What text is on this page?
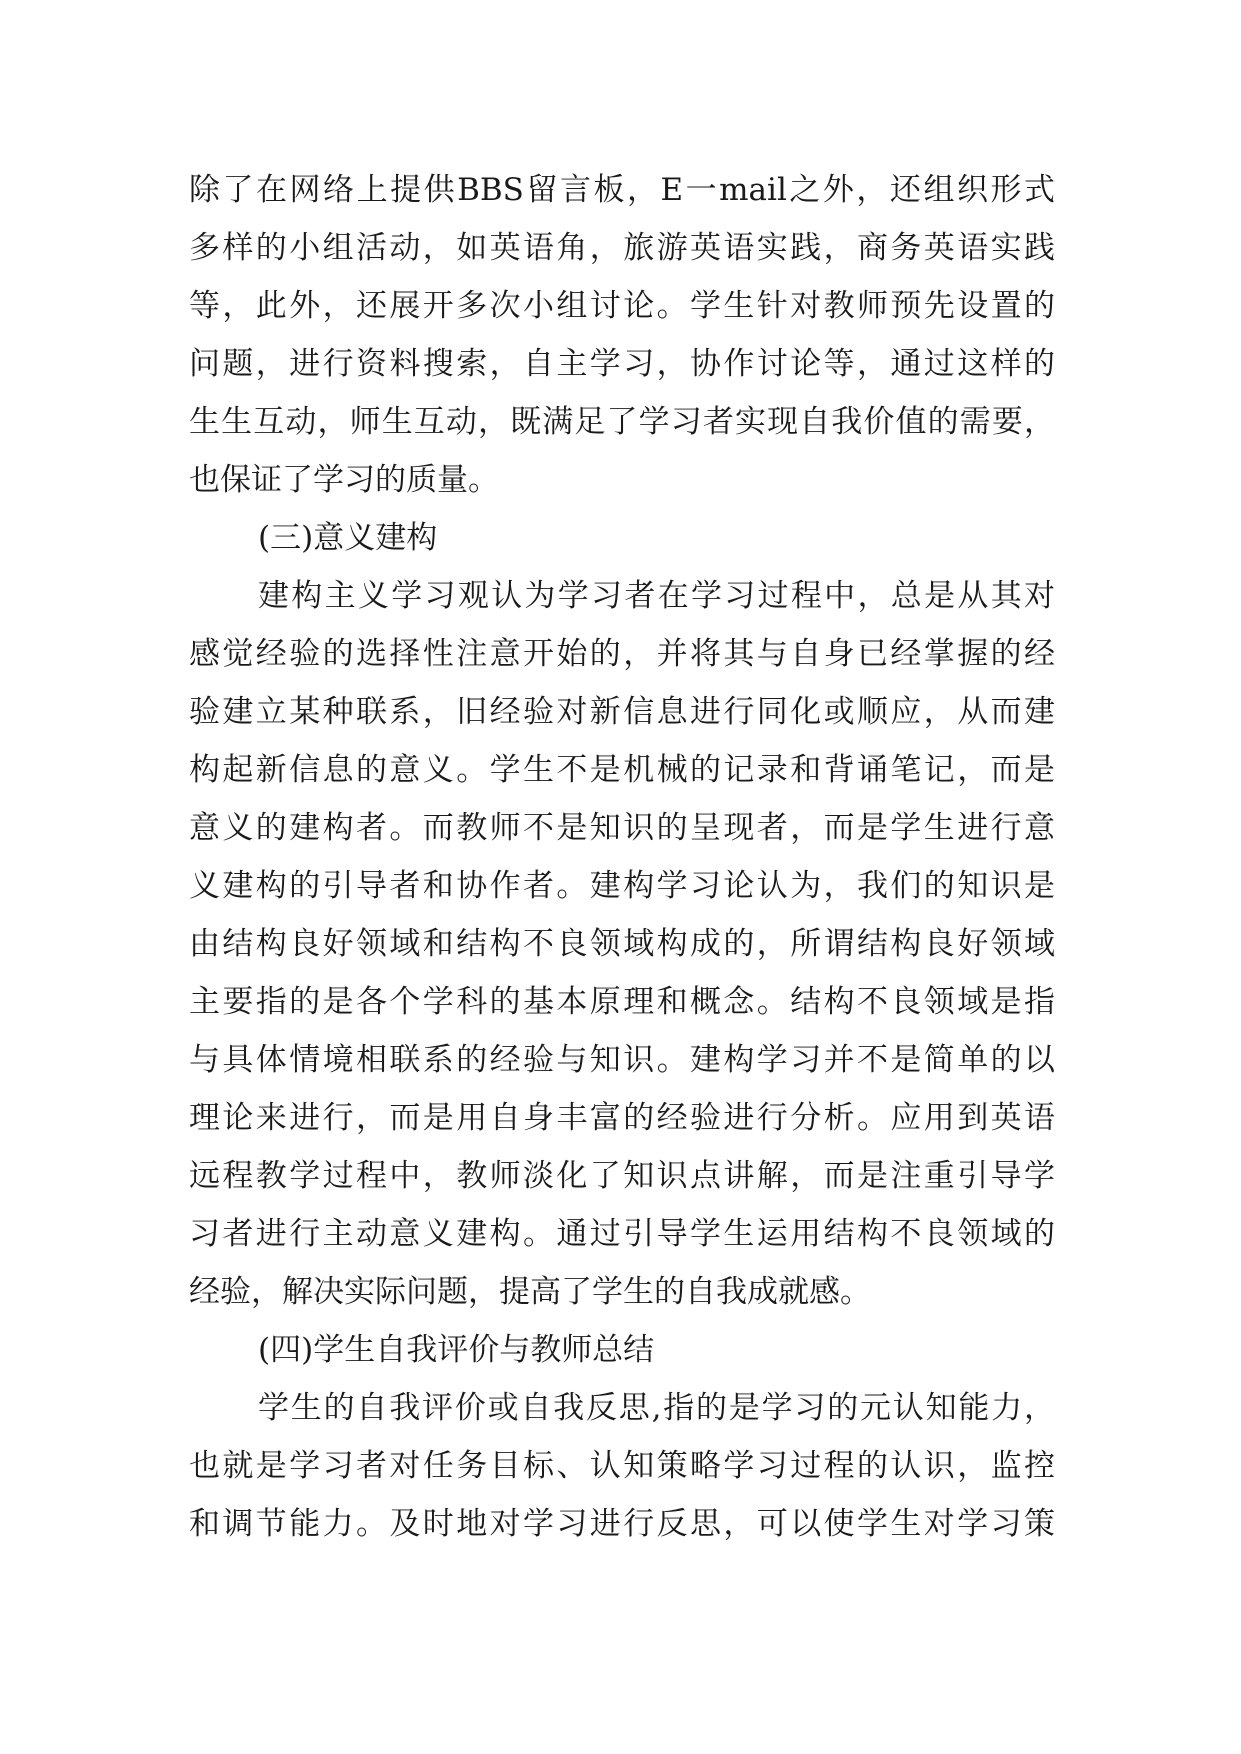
除了在网络上提供BBS留言板，E一mail之外，还组织形式
多样的小组活动，如英语角，旅游英语实践，商务英语实践
等，此外，还展开多次小组讨论。学生针对教师预先设置的
问题，进行资料搜索，自主学习，协作讨论等，通过这样的
生生互动，师生互动，既满足了学习者实现自我价值的需要，
也保证了学习的质量。
(三)意义建构
建构主义学习观认为学习者在学习过程中，总是从其对
感觉经验的选择性注意开始的，并将其与自身已经掌握的经
验建立某种联系，旧经验对新信息进行同化或顺应，从而建
构起新信息的意义。学生不是机械的记录和背诵笔记，而是
意义的建构者。而教师不是知识的呈现者，而是学生进行意
义建构的引导者和协作者。建构学习论认为，我们的知识是
由结构良好领域和结构不良领域构成的，所谓结构良好领域
主要指的是各个学科的基本原理和概念。结构不良领域是指
与具体情境相联系的经验与知识。建构学习并不是简单的以
理论来进行，而是用自身丰富的经验进行分析。应用到英语
远程教学过程中，教师淡化了知识点讲解，而是注重引导学
习者进行主动意义建构。通过引导学生运用结构不良领域的
经验，解决实际问题，提高了学生的自我成就感。
(四)学生自我评价与教师总结
学生的自我评价或自我反思,指的是学习的元认知能力，
也就是学习者对任务目标、认知策略学习过程的认识，监控
和调节能力。及时地对学习进行反思，可以使学生对学习策
